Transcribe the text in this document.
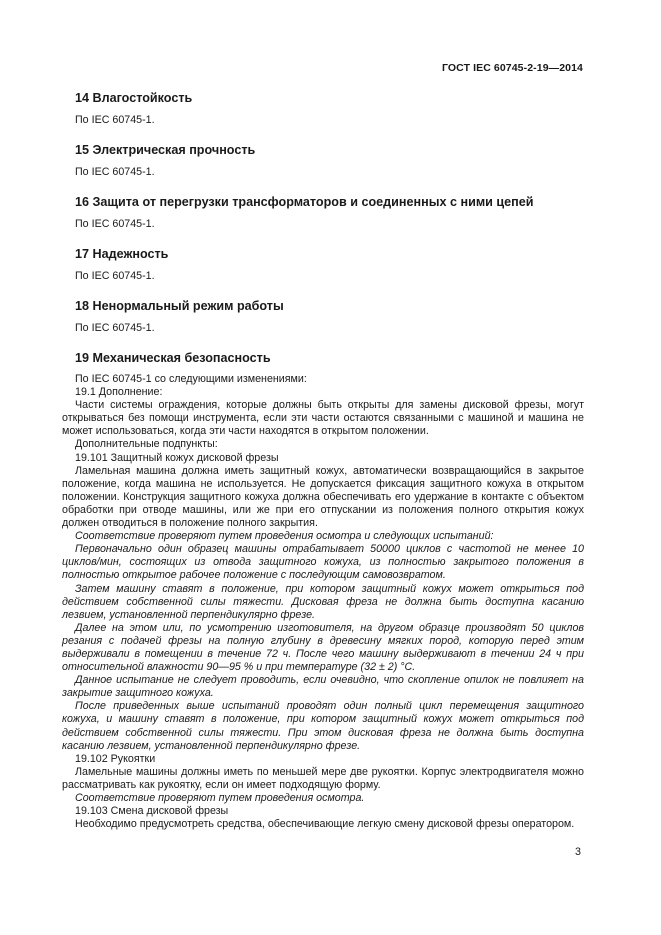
ГОСТ IEC 60745-2-19—2014
14 Влагостойкость
По IEC 60745-1.
15 Электрическая прочность
По IEC 60745-1.
16 Защита от перегрузки трансформаторов и соединенных с ними цепей
По IEC 60745-1.
17 Надежность
По IEC 60745-1.
18 Ненормальный режим работы
По IEC 60745-1.
19 Механическая безопасность

По IEC 60745-1 со следующими изменениями:

19.1 Дополнение:

Части системы ограждения, которые должны быть открыты для замены дисковой фрезы, могут открываться без помощи инструмента, если эти части остаются связанными с машиной и машина не может использоваться, когда эти части находятся в открытом положении.

Дополнительные подпункты:

19.101 Защитный кожух дисковой фрезы

Ламельная машина должна иметь защитный кожух, автоматически возвращающийся в закрытое положение, когда машина не используется. Не допускается фиксация защитного кожуха в открытом положении. Конструкция защитного кожуха должна обеспечивать его удержание в контакте с объектом обработки при отводе машины, или же при его отпускании из положения полного открытия кожух должен отводиться в положение полного закрытия.

Соответствие проверяют путем проведения осмотра и следующих испытаний:

Первоначально один образец машины отрабатывает 50000 циклов с частотой не менее 10 циклов/мин, состоящих из отвода защитного кожуха, из полностью закрытого положения в полностью открытое рабочее положение с последующим самовозвратом.

Затем машину ставят в положение, при котором защитный кожух может открыться под действием собственной силы тяжести. Дисковая фреза не должна быть доступна касанию лезвием, установленной перпендикулярно фрезе.

Далее на этом или, по усмотрению изготовителя, на другом образце производят 50 циклов резания с подачей фрезы на полную глубину в древесину мягких пород, которую перед этим выдерживали в помещении в течение 72 ч. После чего машину выдерживают в течении 24 ч при относительной влажности 90—95 % и при температуре (32 ± 2) °С.

Данное испытание не следует проводить, если очевидно, что скопление опилок не повлияет на закрытие защитного кожуха.

После приведенных выше испытаний проводят один полный цикл перемещения защитного кожуха, и машину ставят в положение, при котором защитный кожух может открыться под действием собственной силы тяжести. При этом дисковая фреза не должна быть доступна касанию лезвием, установленной перпендикулярно фрезе.

19.102 Рукоятки

Ламельные машины должны иметь по меньшей мере две рукоятки. Корпус электродвигателя можно рассматривать как рукоятку, если он имеет подходящую форму.

Соответствие проверяют путем проведения осмотра.

19.103 Смена дисковой фрезы

Необходимо предусмотреть средства, обеспечивающие легкую смену дисковой фрезы оператором.

3
